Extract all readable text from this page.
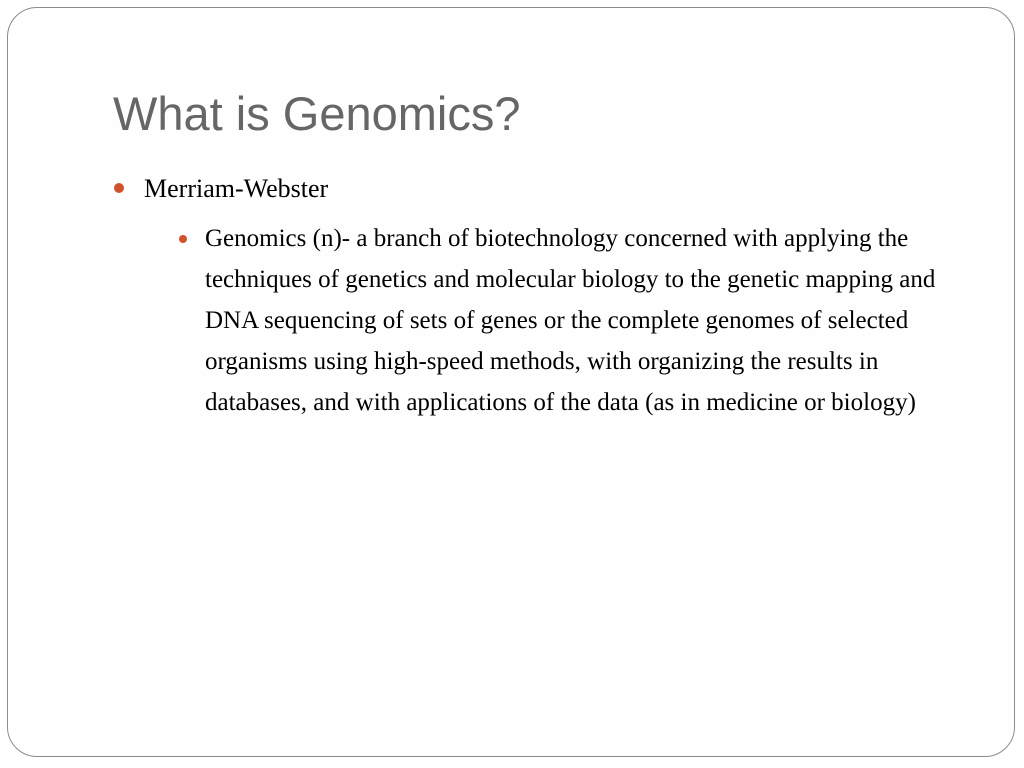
What is Genomics?
Merriam-Webster
Genomics (n)- a branch of biotechnology concerned with applying the techniques of genetics and molecular biology to the genetic mapping and DNA sequencing of sets of genes or the complete genomes of selected organisms using high-speed methods, with organizing the results in databases, and with applications of the data (as in medicine or biology)
